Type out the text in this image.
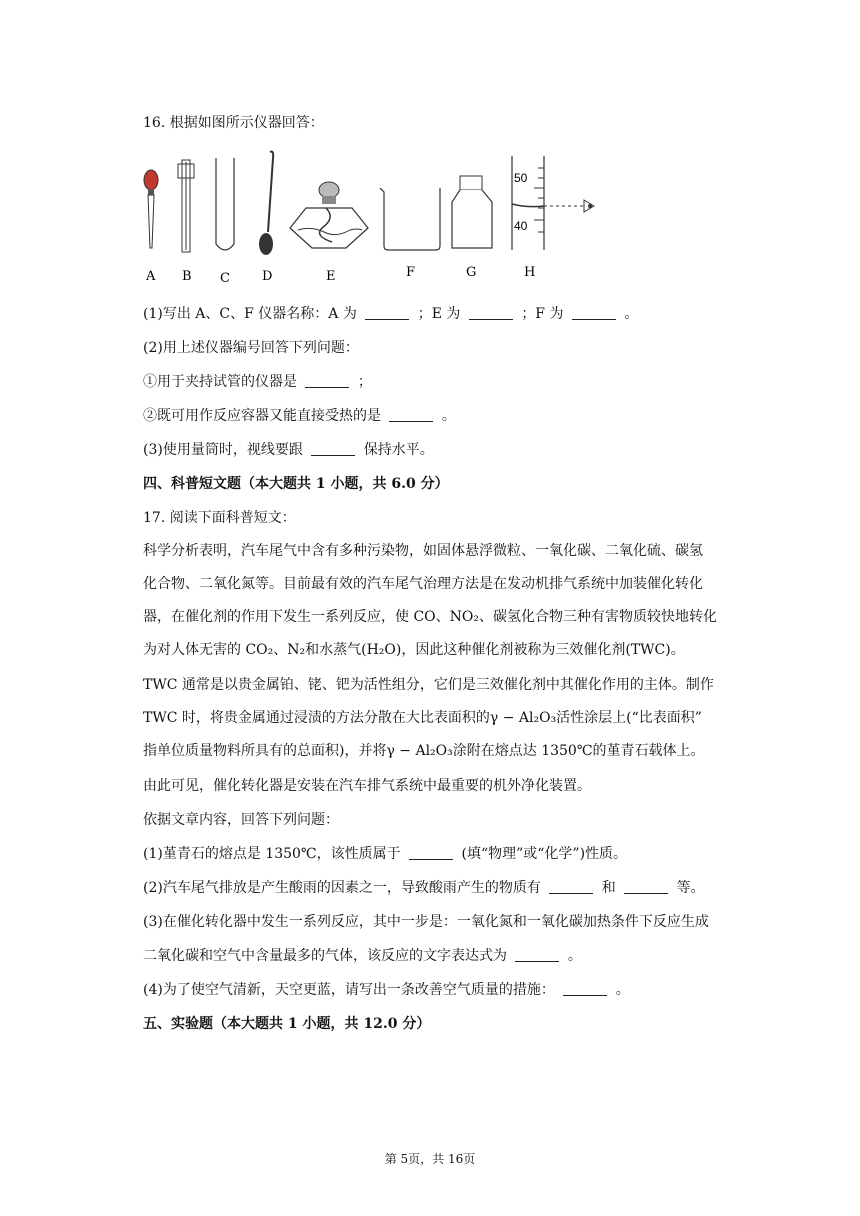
16. 根据如图所示仪器回答：
50
40
A B C D	E	F	G	H
(1)写出 A、C、F 仪器名称：A 为	；E 为	；F 为	。
(2)用上述仪器编号回答下列问题：
①用于夹持试管的仪器是	；
②既可用作反应容器又能直接受热的是	。
(3)使用量筒时，视线要跟	保持水平。
四、科普短文题（本大题共 1 小题，共 6.0 分）
17. 阅读下面科普短文：
科学分析表明，汽车尾气中含有多种污染物，如固体悬浮微粒、一氧化碳、二氧化硫、碳氢
化合物、二氧化氮等。目前最有效的汽车尾气治理方法是在发动机排气系统中加装催化转化
器，在催化剂的作用下发生一系列反应，使 CO、NO₂、碳氢化合物三种有害物质较快地转化
为对人体无害的 CO₂、N₂和水蒸气(H₂O)，因此这种催化剂被称为三效催化剂(TWC)。
TWC 通常是以贵金属铂、铑、钯为活性组分，它们是三效催化剂中其催化作用的主体。制作
TWC 时，将贵金属通过浸渍的方法分散在大比表面积的γ − Al₂O₃活性涂层上(“比表面积”
指单位质量物料所具有的总面积)，并将γ − Al₂O₃涂附在熔点达 1350℃的堇青石载体上。
由此可见，催化转化器是安装在汽车排气系统中最重要的机外净化装置。
依据文章内容，回答下列问题：
(1)堇青石的熔点是 1350℃，该性质属于	(填“物理”或“化学”)性质。
(2)汽车尾气排放是产生酸雨的因素之一，导致酸雨产生的物质有	和	等。
(3)在催化转化器中发生一系列反应，其中一步是：一氧化氮和一氧化碳加热条件下反应生成
二氧化碳和空气中含量最多的气体，该反应的文字表达式为	。
(4)为了使空气清新，天空更蓝，请写出一条改善空气质量的措施：	。
五、实验题（本大题共 1 小题，共 12.0 分）
第 5页，共 16页
